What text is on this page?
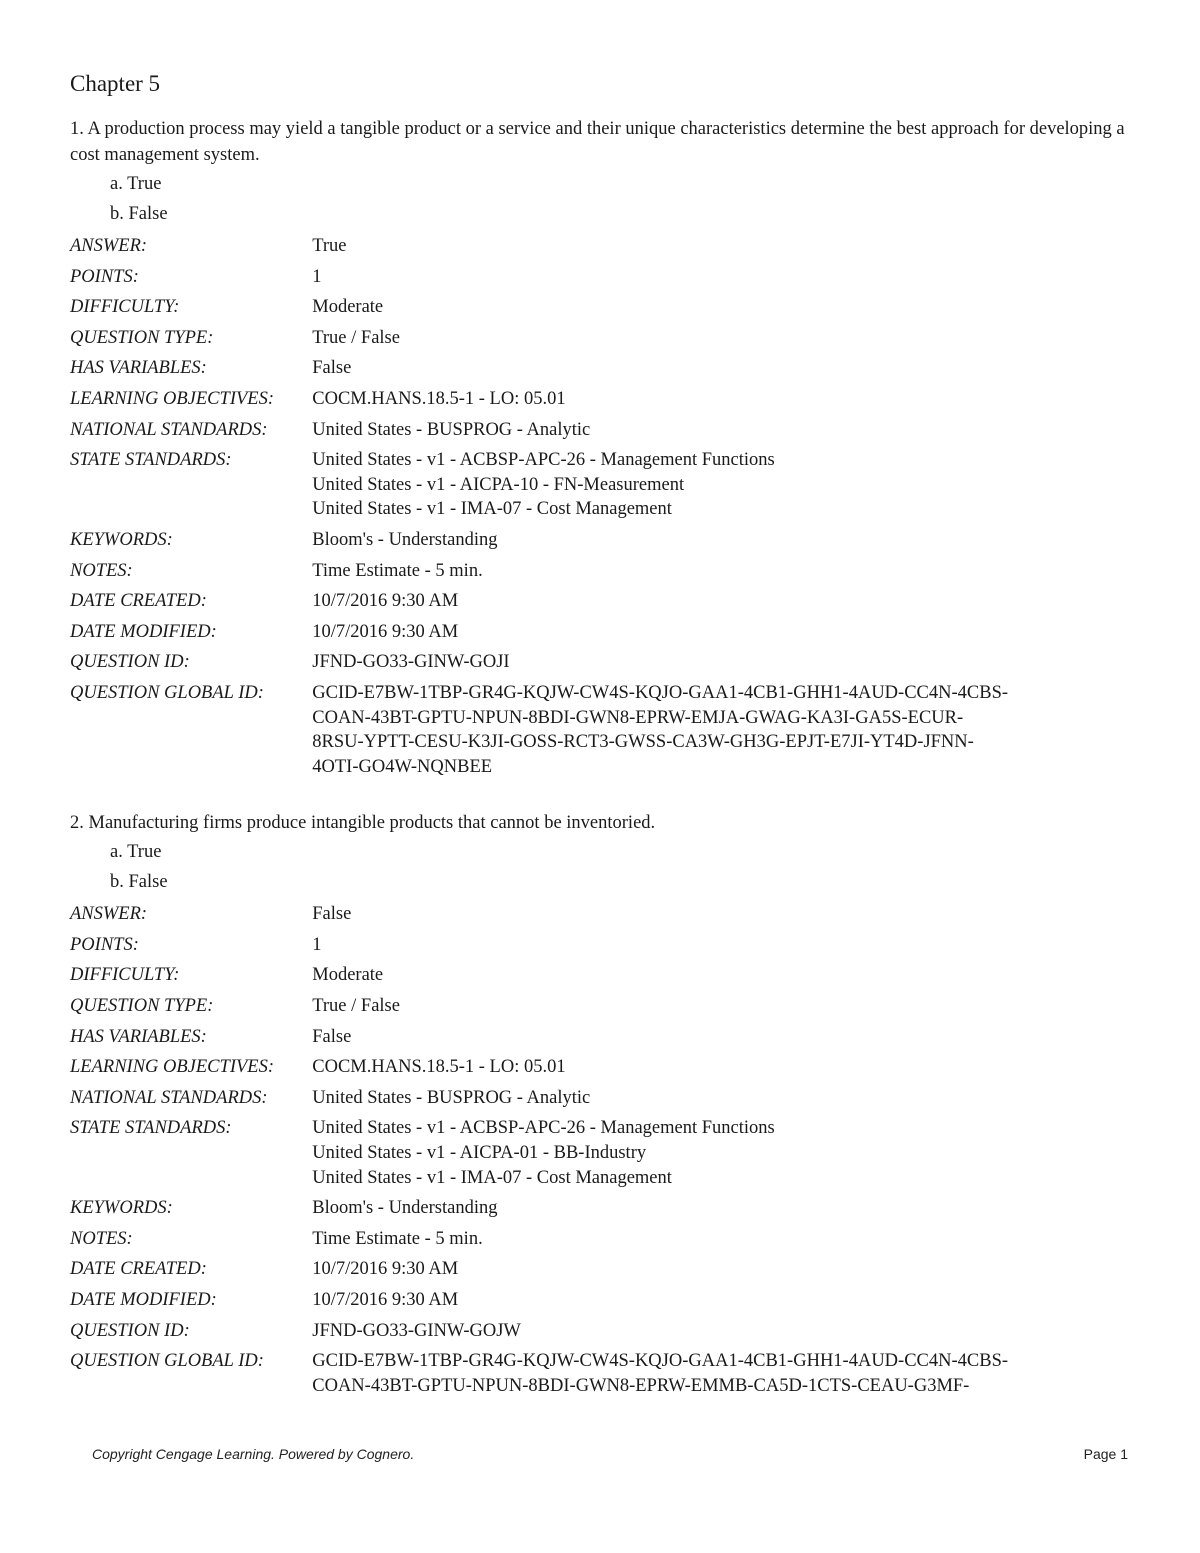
Chapter 5

1. A production process may yield a tangible product or a service and their unique characteristics determine the best approach for developing a cost management system.

a. True
b. False
ANSWER:	True
POINTS:	1
DIFFICULTY:	Moderate
QUESTION TYPE:	True / False
HAS VARIABLES:	False
LEARNING OBJECTIVES:	COCM.HANS.18.5-1 - LO: 05.01
NATIONAL STANDARDS:	United States - BUSPROG - Analytic
STATE STANDARDS:	United States - v1 - ACBSP-APC-26 - Management Functions
United States - v1 - AICPA-10 - FN-Measurement
United States - v1 - IMA-07 - Cost Management

KEYWORDS:	Bloom's - Understanding
NOTES:	Time Estimate - 5 min.
DATE CREATED:	10/7/2016 9:30 AM
DATE MODIFIED:	10/7/2016 9:30 AM
QUESTION ID:	JFND-GO33-GINW-GOJI
QUESTION GLOBAL ID:	GCID-E7BW-1TBP-GR4G-KQJW-CW4S-KQJO-GAA1-4CB1-GHH1-4AUD-CC4N-4CBS-
COAN-43BT-GPTU-NPUN-8BDI-GWN8-EPRW-EMJA-GWAG-KA3I-GA5S-ECUR-
8RSU-YPTT-CESU-K3JI-GOSS-RCT3-GWSS-CA3W-GH3G-EPJT-E7JI-YT4D-JFNN-
4OTI-GO4W-NQNBEE

2. Manufacturing firms produce intangible products that cannot be inventoried.

a. True
b. False
ANSWER:	False
POINTS:	1
DIFFICULTY:	Moderate
QUESTION TYPE:	True / False
HAS VARIABLES:	False
LEARNING OBJECTIVES:	COCM.HANS.18.5-1 - LO: 05.01
NATIONAL STANDARDS:	United States - BUSPROG - Analytic
STATE STANDARDS:	United States - v1 - ACBSP-APC-26 - Management Functions
United States - v1 - AICPA-01 - BB-Industry
United States - v1 - IMA-07 - Cost Management

KEYWORDS:	Bloom's - Understanding
NOTES:	Time Estimate - 5 min.
DATE CREATED:	10/7/2016 9:30 AM
DATE MODIFIED:	10/7/2016 9:30 AM
QUESTION ID:	JFND-GO33-GINW-GOJW
QUESTION GLOBAL ID:	GCID-E7BW-1TBP-GR4G-KQJW-CW4S-KQJO-GAA1-4CB1-GHH1-4AUD-CC4N-4CBS-
COAN-43BT-GPTU-NPUN-8BDI-GWN8-EPRW-EMMB-CA5D-1CTS-CEAU-G3MF-
Copyright Cengage Learning. Powered by Cognero.	Page 1
